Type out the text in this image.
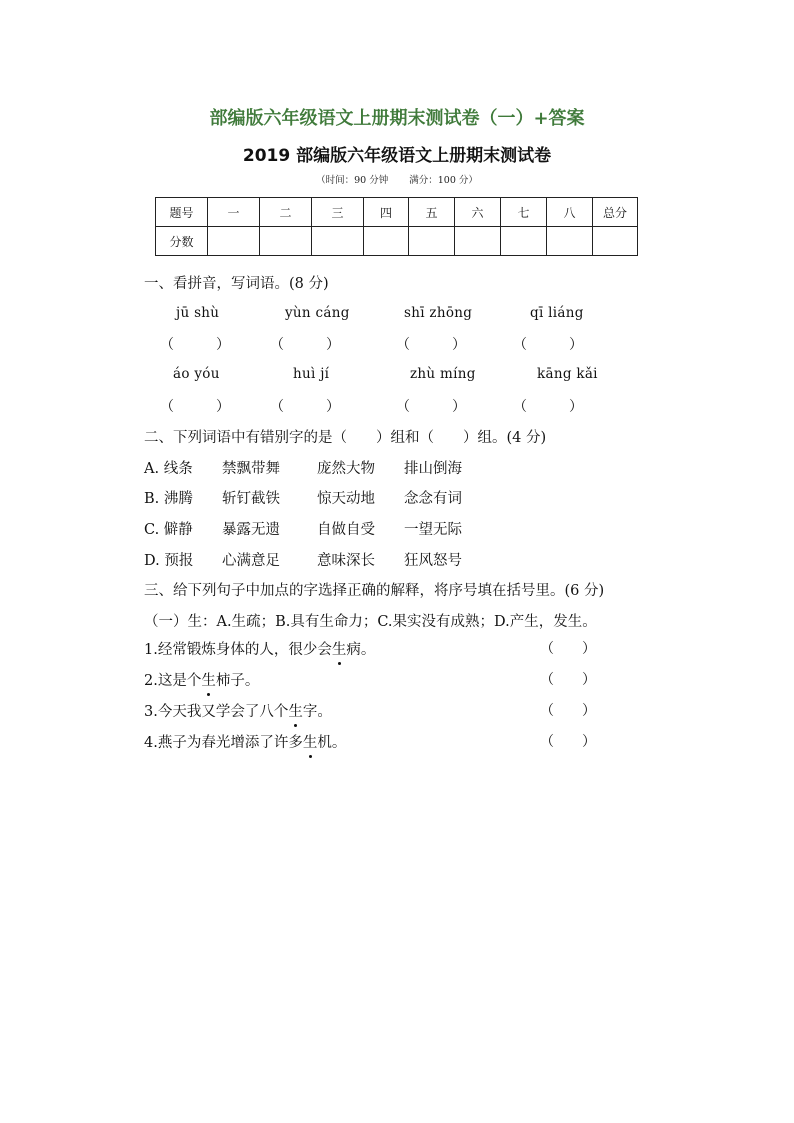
部编版六年级语文上册期末测试卷（一）+答案
2019 部编版六年级语文上册期末测试卷
（时间：90 分钟 满分：100 分）
题号	一	二	三	四	五	六	七	八	总分
分数									
一、看拼音，写词语。(8 分)
jū shù	yùn cáng	shī zhōng	qī liáng
（　　　）	（　　　）	（　　　）	（　　　）
áo yóu	huì jí	zhù míng	kāng kǎi
（　　　）	（　　　）	（　　　）	（　　　）
二、下列词语中有错别字的是（　　）组和（　　）组。(4 分)
A. 线条 禁飘带舞	庞然大物 排山倒海
B. 沸腾 斩钉截铁	惊天动地 念念有词
C. 僻静 暴露无遗	自做自受 一望无际
D. 预报 心满意足	意味深长 狂风怒号
三、给下列句子中加点的字选择正确的解释，将序号填在括号里。(6 分)
（一）生：A.生疏；B.具有生命力；C.果实没有成熟；D.产生，发生。
1.经常锻炼身体的人，很少会生病。	（　　）
2.这是个生柿子。	（　　）
3.今天我又学会了八个生字。	（　　）
4.燕子为春光增添了许多生机。	（　　）
